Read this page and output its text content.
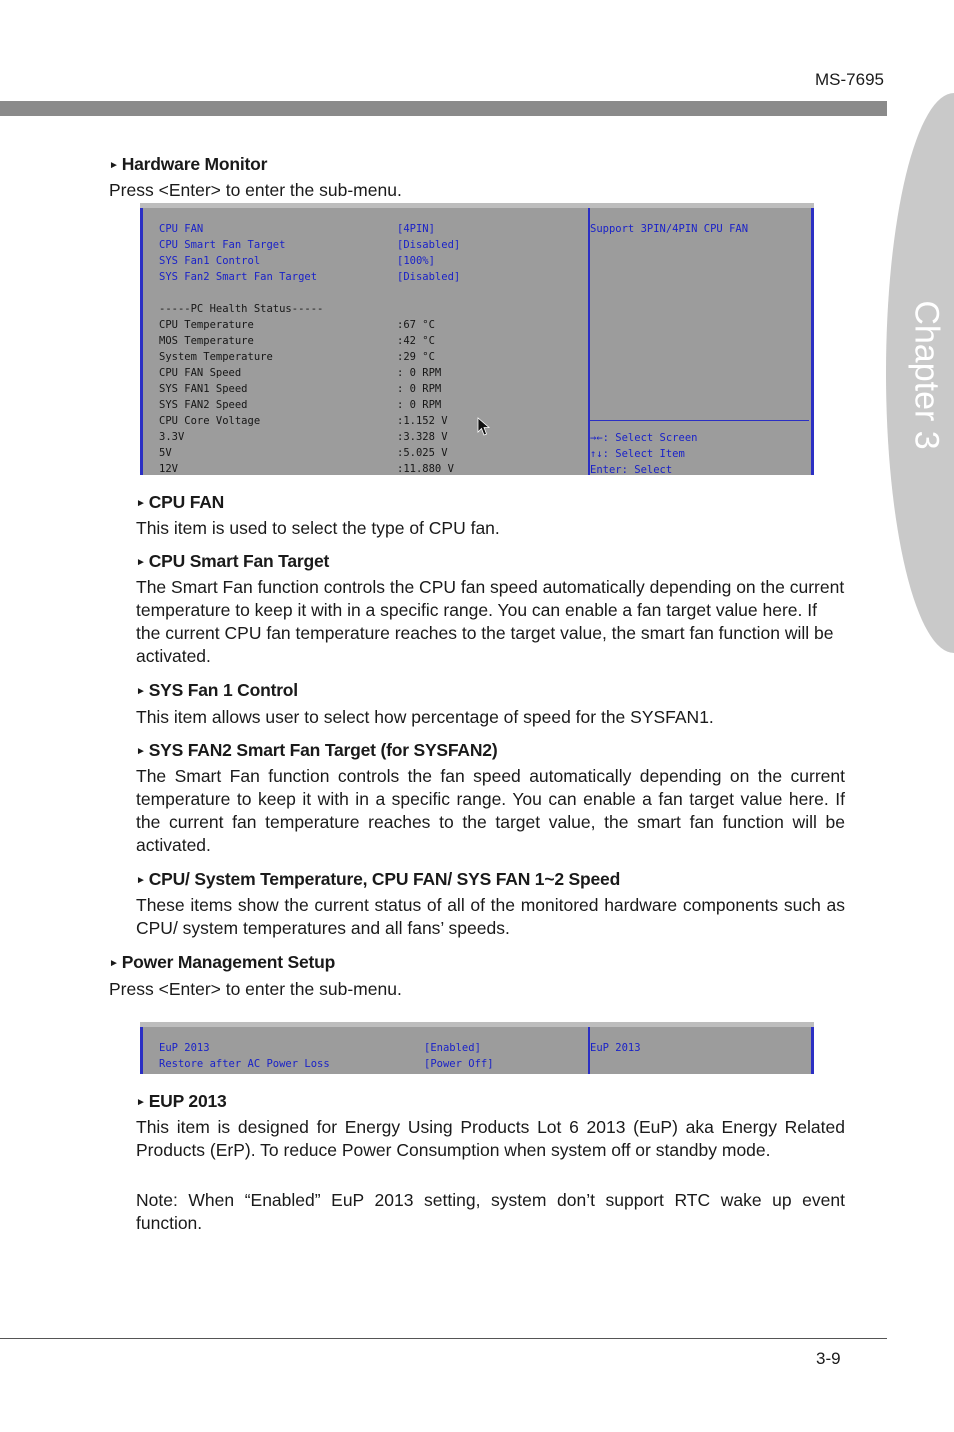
MS-7695
Chapter 3
► Hardware Monitor
Press <Enter> to enter the sub-menu.
CPU FAN	[4PIN]
CPU Smart Fan Target	[Disabled]
SYS Fan1 Control	[100%]
SYS Fan2 Smart Fan Target	[Disabled]
-----PC Health Status-----
CPU Temperature	:67 °C
MOS Temperature	:42 °C
System Temperature	:29 °C
CPU FAN Speed	: 0 RPM
SYS FAN1 Speed	: 0 RPM
SYS FAN2 Speed	: 0 RPM
CPU Core Voltage	:1.152 V
3.3V	:3.328 V
5V	:5.025 V
12V	:11.880 V
Support 3PIN/4PIN CPU FAN
→←: Select Screen
↑↓: Select Item
Enter: Select
► CPU FAN
This item is used to select the type of CPU fan.
► CPU Smart Fan Target
The Smart Fan function controls the CPU fan speed automatically depending on the current temperature to keep it with in a specific range. You can enable a fan target value here. If the current CPU fan temperature reaches to the target value, the smart fan function will be activated.
► SYS Fan 1 Control
This item allows user to select how percentage of speed for the SYSFAN1.
► SYS FAN2 Smart Fan Target (for SYSFAN2)
The Smart Fan function controls the fan speed automatically depending on the current temperature to keep it with in a specific range. You can enable a fan target value here. If the current fan temperature reaches to the target value, the smart fan function will be activated.
► CPU/ System Temperature, CPU FAN/ SYS FAN 1~2 Speed
These items show the current status of all of the monitored hardware components such as CPU/ system temperatures and all fans’ speeds.
► Power Management Setup
Press <Enter> to enter the sub-menu.
EuP 2013	[Enabled]
Restore after AC Power Loss	[Power Off]
EuP 2013
► EUP 2013
This item is designed for Energy Using Products Lot 6 2013 (EuP) aka Energy Related Products (ErP). To reduce Power Consumption when system off or standby mode.
Note: When “Enabled” EuP 2013 setting, system don’t support RTC wake up event function.
3-9
